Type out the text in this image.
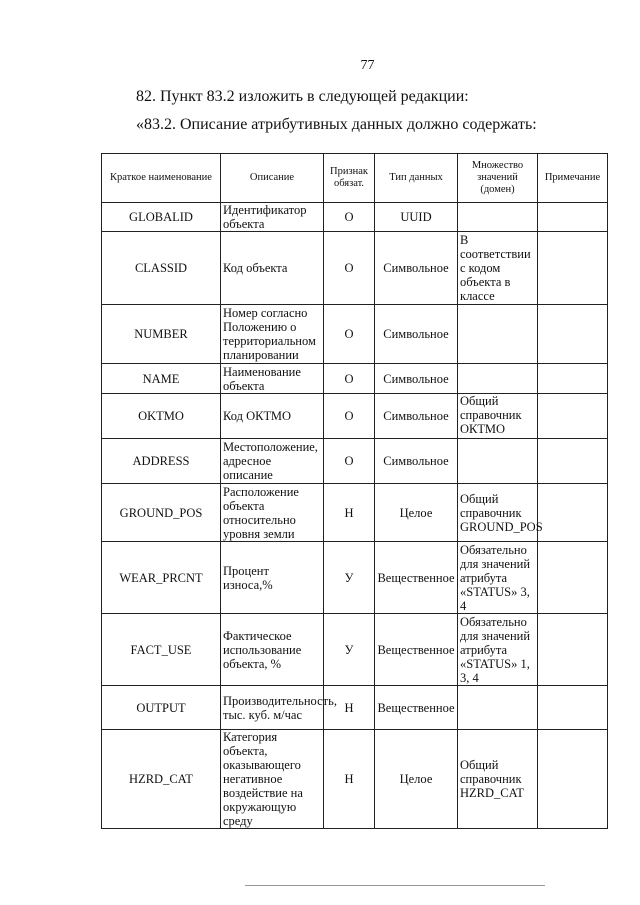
77
82. Пункт 83.2 изложить в следующей редакции:
«83.2. Описание атрибутивных данных должно содержать:
Краткое наименование	Описание	Признак обязат.	Тип данных	Множество значений (домен)	Примечание
GLOBALID	Идентификатор объекта	О	UUID		
CLASSID	Код объекта	О	Символьное	В соответствии с кодом объекта в классе	
NUMBER	Номер согласно Положению о территориальном планировании	О	Символьное		
NAME	Наименование объекта	О	Символьное		
OKTMO	Код ОКТМО	О	Символьное	Общий справочник ОКТМО	
ADDRESS	Местоположение, адресное описание	О	Символьное		
GROUND_POS	Расположение объекта относительно уровня земли	Н	Целое	Общий справочник GROUND_POS	
WEAR_PRCNT	Процент износа,%	У	Вещественное	Обязательно для значений атрибута «STATUS» 3, 4	
FACT_USE	Фактическое использование объекта, %	У	Вещественное	Обязательно для значений атрибута «STATUS» 1, 3, 4	
OUTPUT	Производительность, тыс. куб. м/час	Н	Вещественное		
HZRD_CAT	Категория объекта, оказывающего негативное воздействие на окружающую среду	Н	Целое	Общий справочник HZRD_CAT	
